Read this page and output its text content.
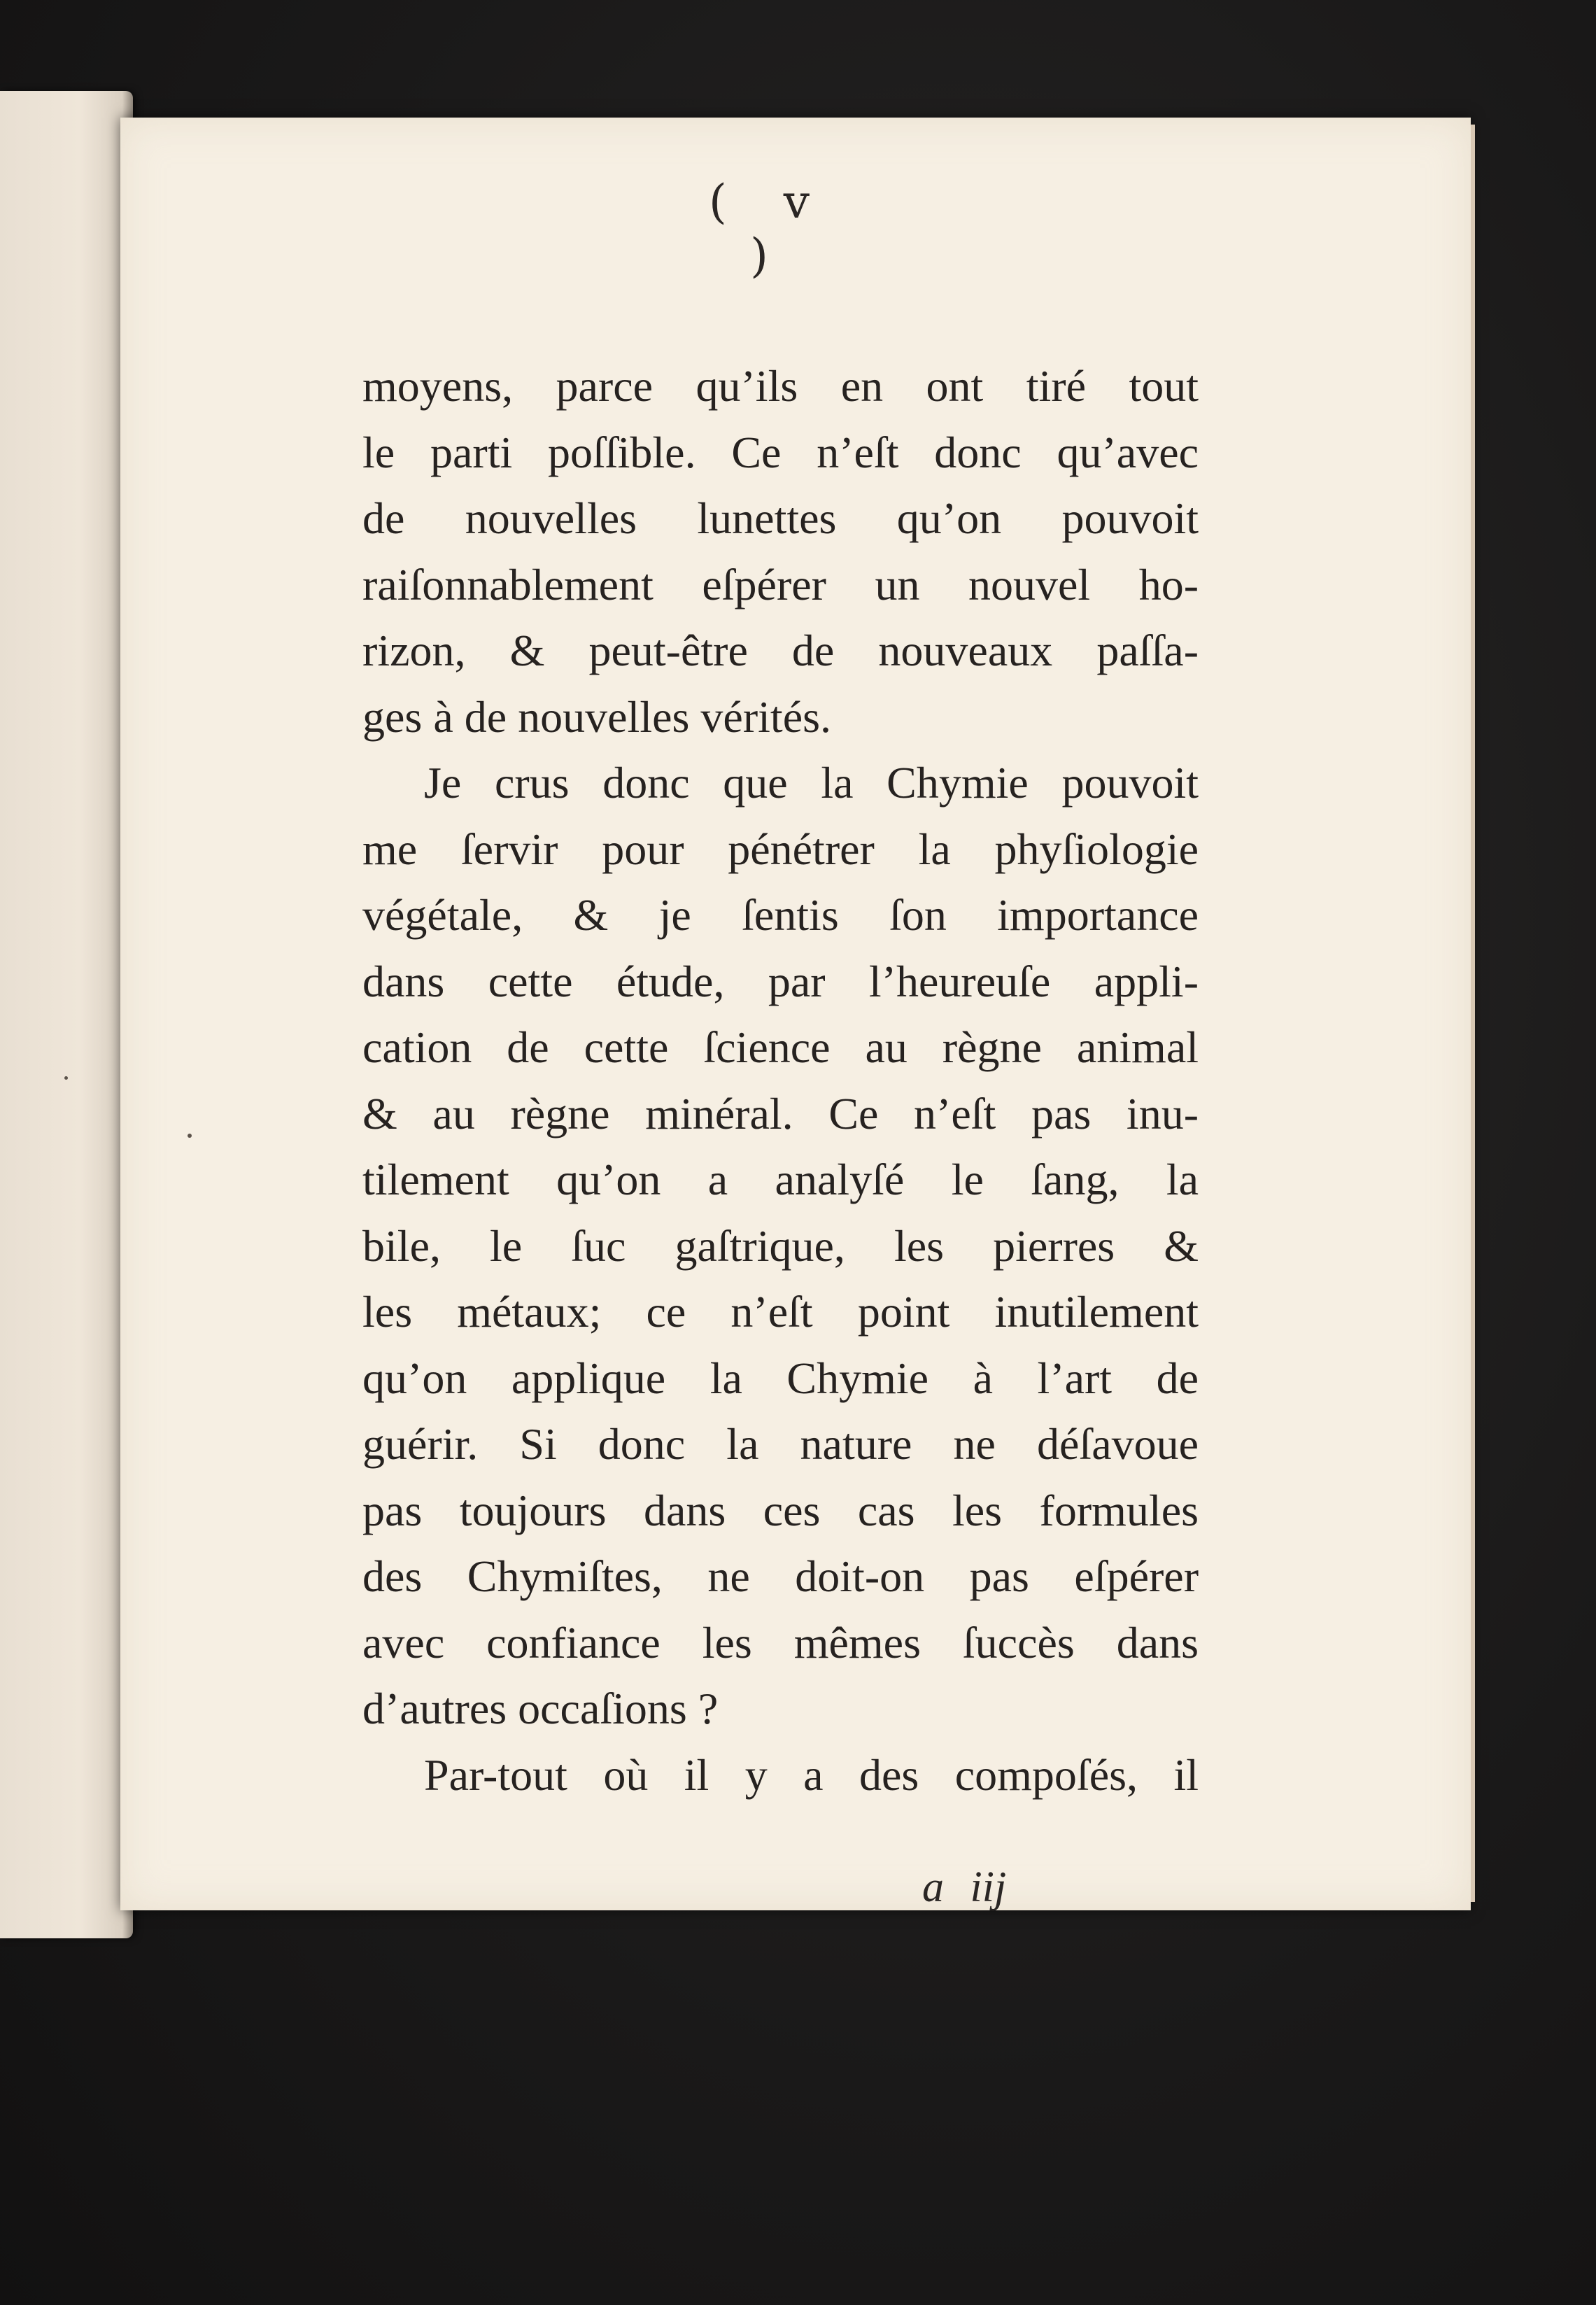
( v )
moyens, parce qu’ils en ont tiré tout
le parti poſſible. Ce n’eſt donc qu’avec
de nouvelles lunettes qu’on pouvoit
raiſonnablement eſpérer un nouvel ho-
rizon, & peut-être de nouveaux paſſa-
ges à de nouvelles vérités.
Je crus donc que la Chymie pouvoit
me ſervir pour pénétrer la phyſiologie
végétale, & je ſentis ſon importance
dans cette étude, par l’heureuſe appli-
cation de cette ſcience au règne animal
& au règne minéral. Ce n’eſt pas inu-
tilement qu’on a analyſé le ſang, la
bile, le ſuc gaſtrique, les pierres &
les métaux; ce n’eſt point inutilement
qu’on applique la Chymie à l’art de
guérir. Si donc la nature ne déſavoue
pas toujours dans ces cas les formules
des Chymiſtes, ne doit-on pas eſpérer
avec confiance les mêmes ſuccès dans
d’autres occaſions ?
Par-tout où il y a des compoſés, il
a iij
